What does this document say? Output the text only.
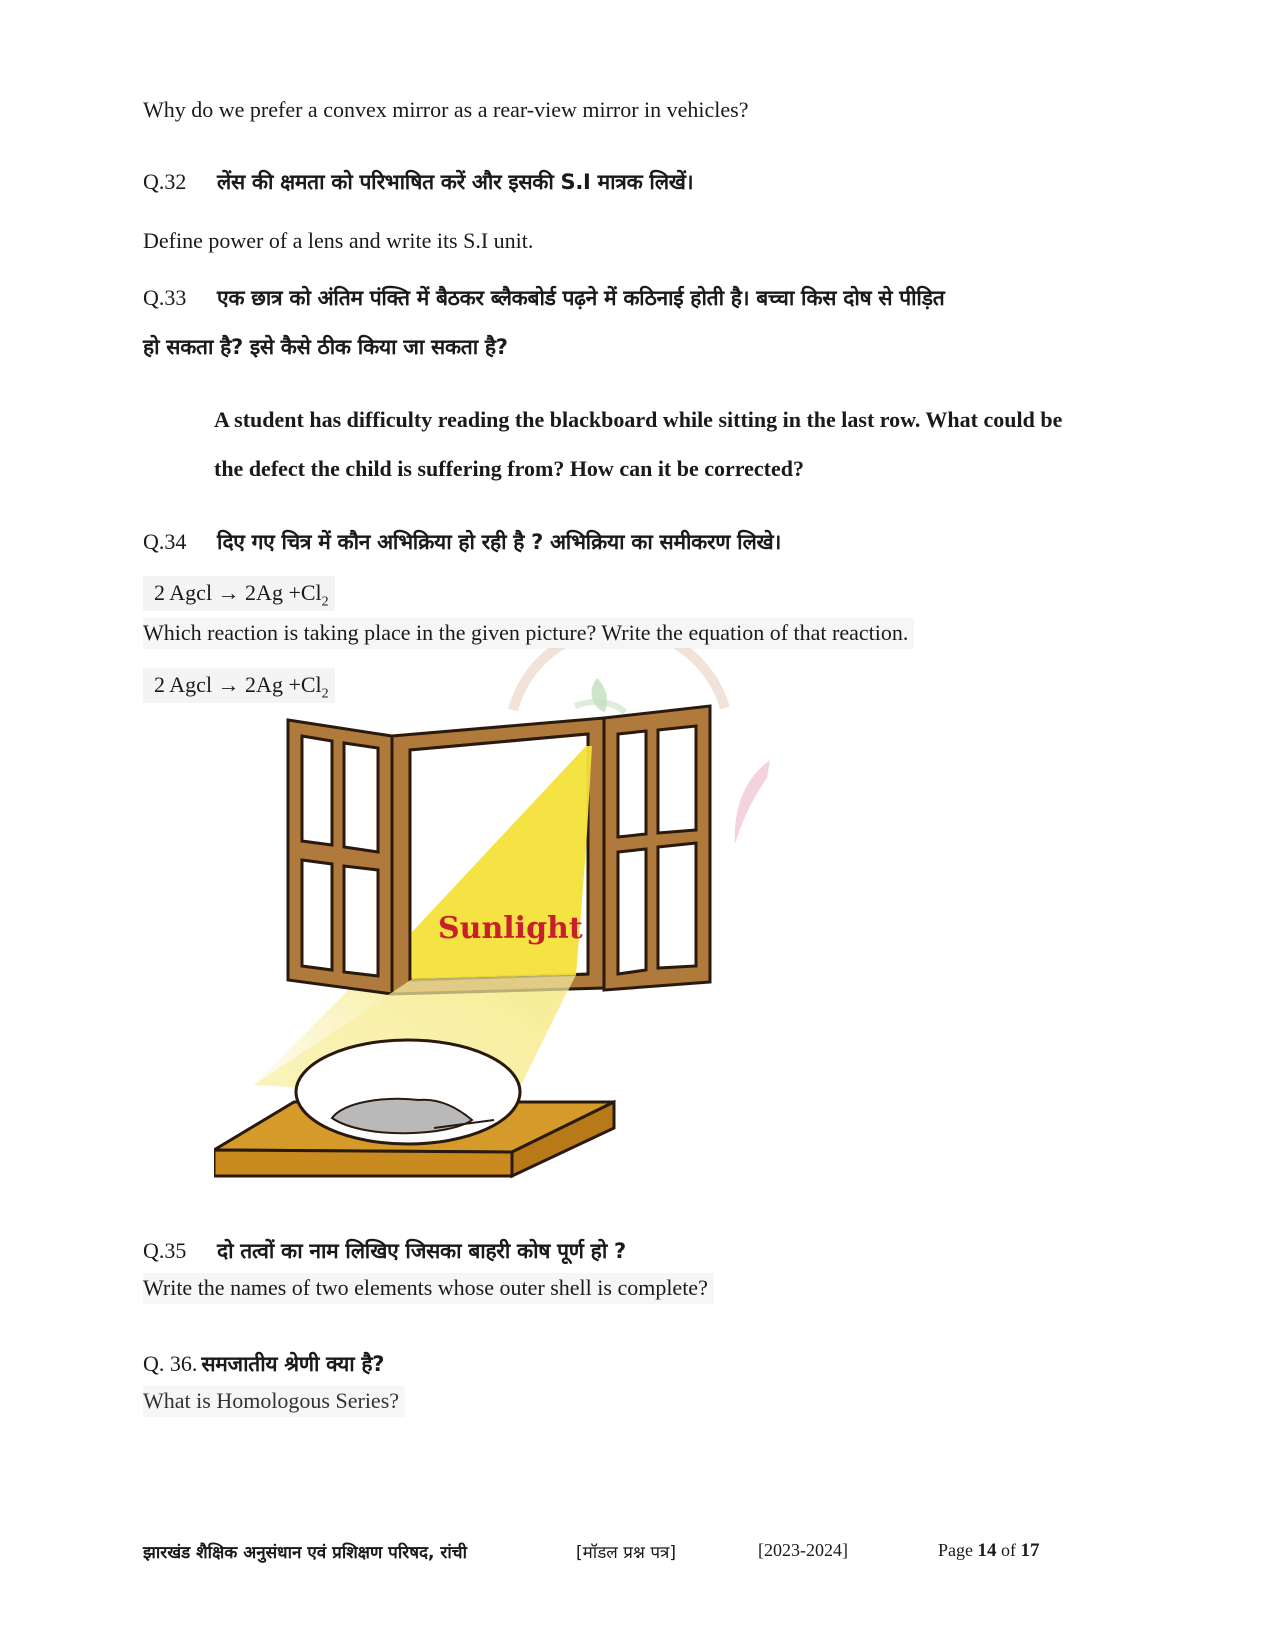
Why do we prefer a convex mirror as a rear-view mirror in vehicles?
Q.32 लेंस की क्षमता को परिभाषित करें और इसकी S.I मात्रक लिखें।
Define power of a lens and write its S.I unit.
Q.33 एक छात्र को अंतिम पंक्ति में बैठकर ब्लैकबोर्ड पढ़ने में कठिनाई होती है। बच्चा किस दोष से पीड़ित
हो सकता है? इसे कैसे ठीक किया जा सकता है?
A student has difficulty reading the blackboard while sitting in the last row. What could be
the defect the child is suffering from? How can it be corrected?
Q.34 दिए गए चित्र में कौन अभिक्रिया हो रही है ? अभिक्रिया का समीकरण लिखे।
2 Agcl → $2Ag +Cl_2$
Which reaction is taking place in the given picture? Write the equation of that reaction.
2 Agcl → $2Ag +Cl_2$
Sunlight
Q.35 दो तत्वों का नाम लिखिए जिसका बाहरी कोष पूर्ण हो ?
Write the names of two elements whose outer shell is complete?
Q. 36. समजातीय श्रेणी क्या है?
What is Homologous Series?
झारखंड शैक्षिक अनुसंधान एवं प्रशिक्षण परिषद, रांची	[मॉडल प्रश्न पत्र]	[2023-2024]	Page 14 of 17
